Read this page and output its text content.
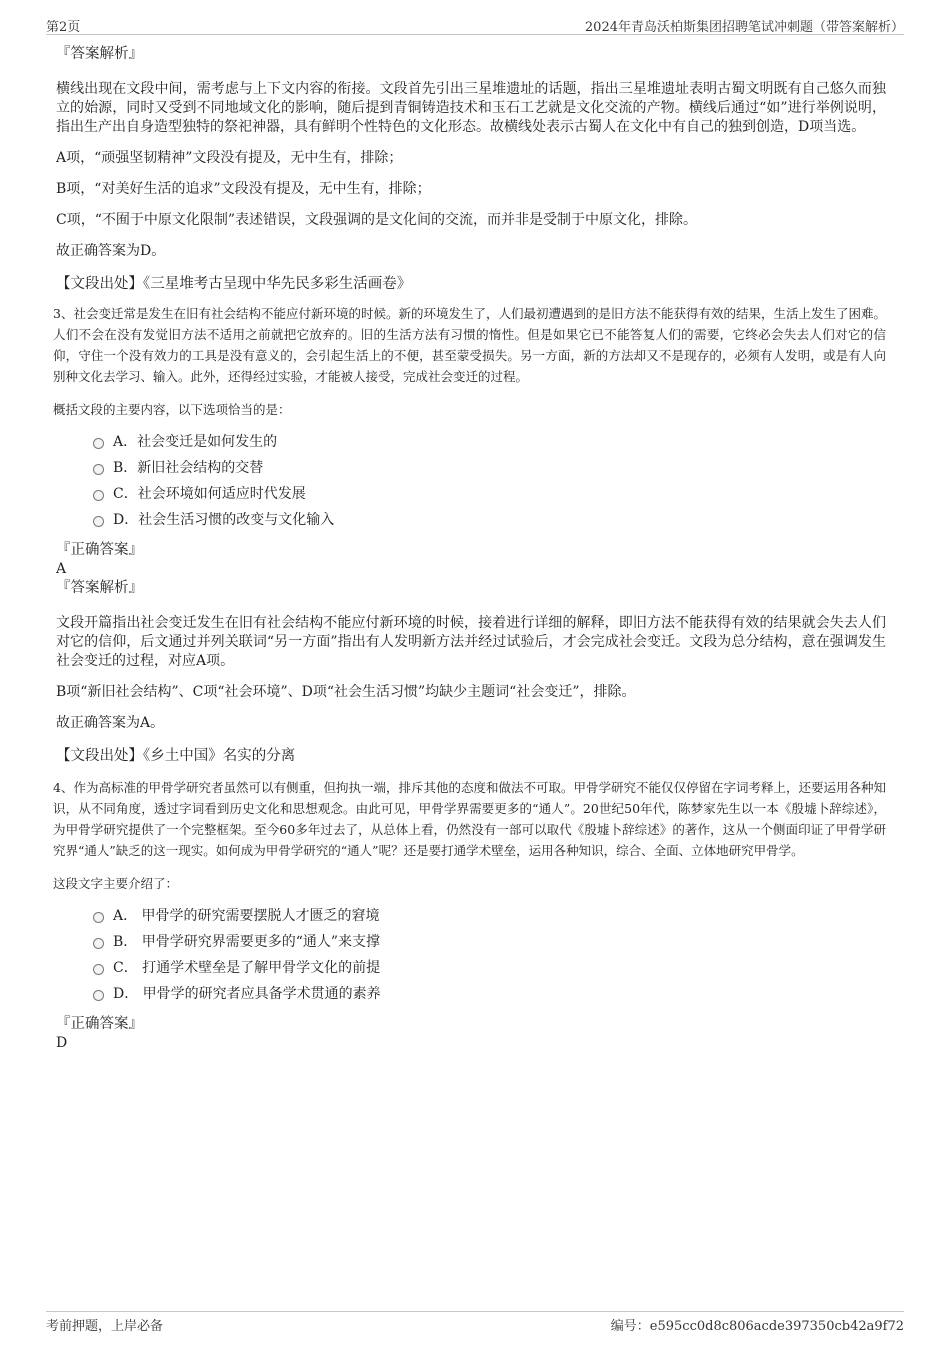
第2页	2024年青岛沃柏斯集团招聘笔试冲刺题（带答案解析）

『答案解析』

横线出现在文段中间，需考虑与上下文内容的衔接。文段首先引出三星堆遗址的话题，指出三星堆遗址表明古蜀文明既有自己悠久而独立的始源，同时又受到不同地域文化的影响，随后提到青铜铸造技术和玉石工艺就是文化交流的产物。横线后通过“如”进行举例说明，指出生产出自身造型独特的祭祀神器，具有鲜明个性特色的文化形态。故横线处表示古蜀人在文化中有自己的独到创造，D项当选。

A项，“顽强坚韧精神”文段没有提及，无中生有，排除；

B项，“对美好生活的追求”文段没有提及，无中生有，排除；

C项，“不囿于中原文化限制”表述错误，文段强调的是文化间的交流，而并非是受制于中原文化，排除。

故正确答案为D。

【文段出处】《三星堆考古呈现中华先民多彩生活画卷》

3、社会变迁常是发生在旧有社会结构不能应付新环境的时候。新的环境发生了，人们最初遭遇到的是旧方法不能获得有效的结果，生活上发生了困难。人们不会在没有发觉旧方法不适用之前就把它放弃的。旧的生活方法有习惯的惰性。但是如果它已不能答复人们的需要，它终必会失去人们对它的信仰，守住一个没有效力的工具是没有意义的，会引起生活上的不便，甚至蒙受损失。另一方面，新的方法却又不是现存的，必须有人发明，或是有人向别种文化去学习、输入。此外，还得经过实验，才能被人接受，完成社会变迁的过程。

概括文段的主要内容，以下选项恰当的是：

A．社会变迁是如何发生的
B．新旧社会结构的交替
C．社会环境如何适应时代发展
D．社会生活习惯的改变与文化输入

『正确答案』

A

『答案解析』

文段开篇指出社会变迁发生在旧有社会结构不能应付新环境的时候，接着进行详细的解释，即旧方法不能获得有效的结果就会失去人们对它的信仰，后文通过并列关联词“另一方面”指出有人发明新方法并经过试验后，才会完成社会变迁。文段为总分结构，意在强调发生社会变迁的过程，对应A项。

B项“新旧社会结构”、C项“社会环境”、D项“社会生活习惯”均缺少主题词“社会变迁”，排除。

故正确答案为A。

【文段出处】《乡土中国》名实的分离

4、作为高标准的甲骨学研究者虽然可以有侧重，但拘执一端，排斥其他的态度和做法不可取。甲骨学研究不能仅仅停留在字词考释上，还要运用各种知识，从不同角度，透过字词看到历史文化和思想观念。由此可见，甲骨学界需要更多的“通人”。20世纪50年代，陈梦家先生以一本《殷墟卜辞综述》，为甲骨学研究提供了一个完整框架。至今60多年过去了，从总体上看，仍然没有一部可以取代《殷墟卜辞综述》的著作，这从一个侧面印证了甲骨学研究界“通人”缺乏的这一现实。如何成为甲骨学研究的“通人”呢？还是要打通学术壁垒，运用各种知识，综合、全面、立体地研究甲骨学。

这段文字主要介绍了：

A． 甲骨学的研究需要摆脱人才匮乏的窘境
B． 甲骨学研究界需要更多的“通人”来支撑
C． 打通学术壁垒是了解甲骨学文化的前提
D． 甲骨学的研究者应具备学术贯通的素养

『正确答案』

D

考前押题，上岸必备	编号：e595cc0d8c806acde397350cb42a9f72
